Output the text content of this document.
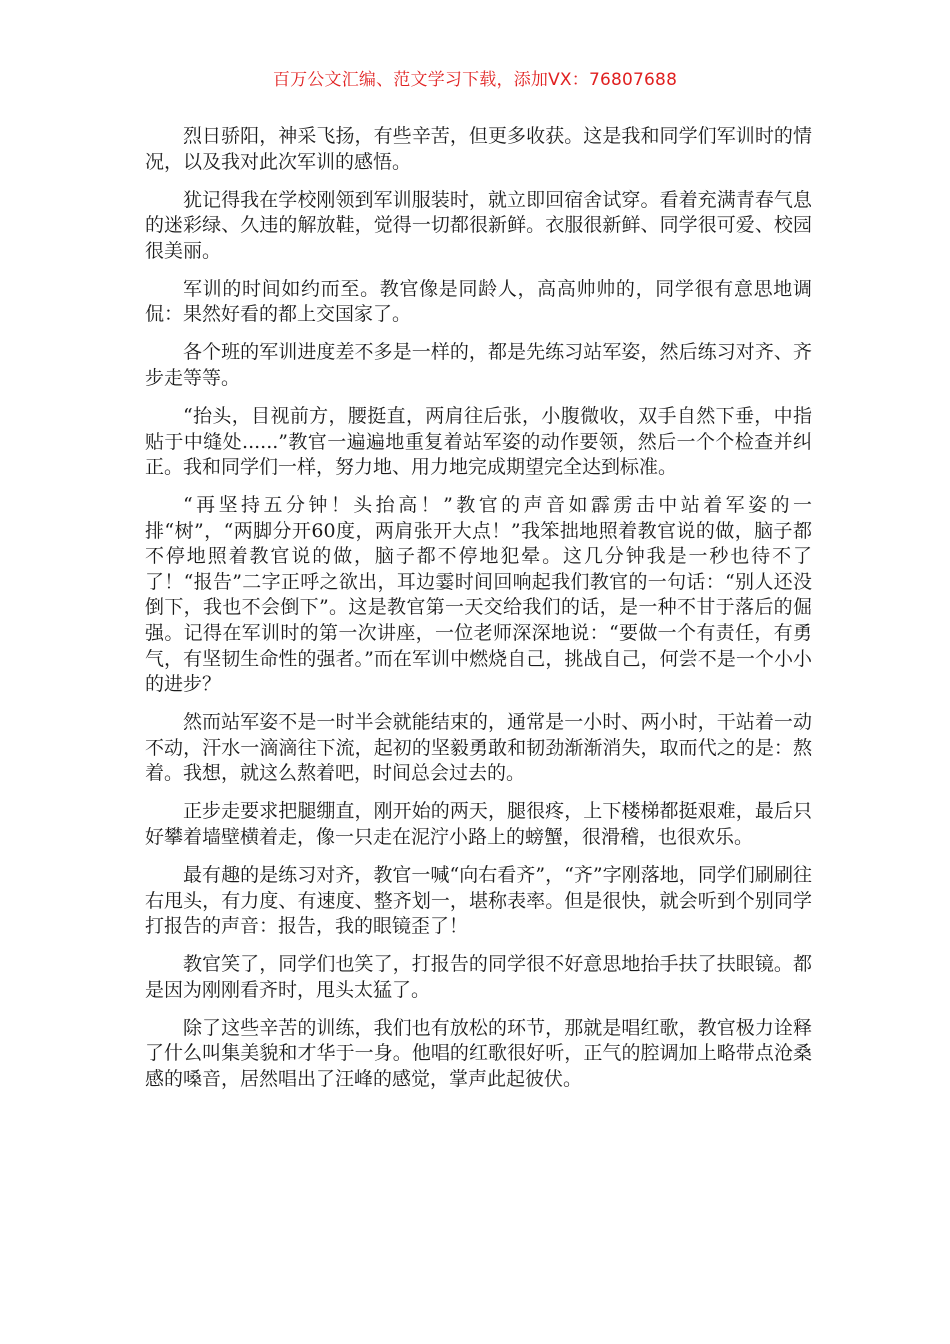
百万公文汇编、范文学习下载，添加VX：76807688

烈日骄阳，神采飞扬，有些辛苦，但更多收获。这是我和同学们军训时的情况，以及我对此次军训的感悟。

犹记得我在学校刚领到军训服装时，就立即回宿舍试穿。看着充满青春气息的迷彩绿、久违的解放鞋，觉得一切都很新鲜。衣服很新鲜、同学很可爱、校园很美丽。

军训的时间如约而至。教官像是同龄人，高高帅帅的，同学很有意思地调侃：果然好看的都上交国家了。

各个班的军训进度差不多是一样的，都是先练习站军姿，然后练习对齐、齐步走等等。

“抬头，目视前方，腰挺直，两肩往后张，小腹微收，双手自然下垂，中指贴于中缝处......”教官一遍遍地重复着站军姿的动作要领，然后一个个检查并纠正。我和同学们一样，努力地、用力地完成期望完全达到标准。

“再坚持五分钟！头抬高！”教官的声音如霹雳击中站着军姿的一排“树”，“两脚分开60度，两肩张开大点！”我笨拙地照着教官说的做，脑子都不停地照着教官说的做，脑子都不停地犯晕。这几分钟我是一秒也待不了了！“报告”二字正呼之欲出，耳边霎时间回响起我们教官的一句话：“别人还没倒下，我也不会倒下”。这是教官第一天交给我们的话，是一种不甘于落后的倔强。记得在军训时的第一次讲座，一位老师深深地说：“要做一个有责任，有勇气，有坚韧生命性的强者。”而在军训中燃烧自己，挑战自己，何尝不是一个小小的进步？

然而站军姿不是一时半会就能结束的，通常是一小时、两小时，干站着一动不动，汗水一滴滴往下流，起初的坚毅勇敢和韧劲渐渐消失，取而代之的是：熬着。我想，就这么熬着吧，时间总会过去的。

正步走要求把腿绷直，刚开始的两天，腿很疼，上下楼梯都挺艰难，最后只好攀着墙壁横着走，像一只走在泥泞小路上的螃蟹，很滑稽，也很欢乐。

最有趣的是练习对齐，教官一喊“向右看齐”，“齐”字刚落地，同学们刷刷往右甩头，有力度、有速度、整齐划一，堪称表率。但是很快，就会听到个别同学打报告的声音：报告，我的眼镜歪了！

教官笑了，同学们也笑了，打报告的同学很不好意思地抬手扶了扶眼镜。都是因为刚刚看齐时，甩头太猛了。

除了这些辛苦的训练，我们也有放松的环节，那就是唱红歌，教官极力诠释了什么叫集美貌和才华于一身。他唱的红歌很好听，正气的腔调加上略带点沧桑感的嗓音，居然唱出了汪峰的感觉，掌声此起彼伏。
